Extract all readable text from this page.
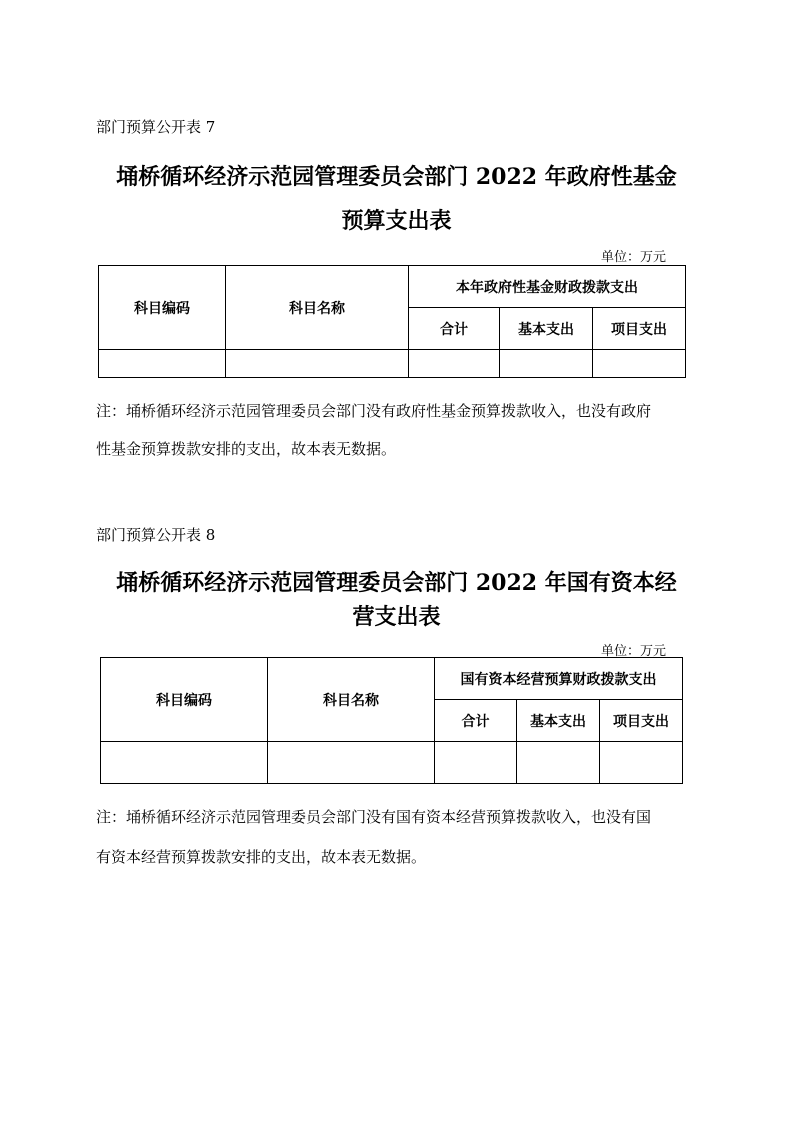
部门预算公开表 7
埇桥循环经济示范园管理委员会部门 2022 年政府性基金
预算支出表
单位：万元
科目编码	科目名称	本年政府性基金财政拨款支出		
		合计	基本支出	项目支出

注：埇桥循环经济示范园管理委员会部门没有政府性基金预算拨款收入，也没有政府
性基金预算拨款安排的支出，故本表无数据。
部门预算公开表 8
埇桥循环经济示范园管理委员会部门 2022 年国有资本经
营支出表
单位：万元
科目编码	科目名称	国有资本经营预算财政拨款支出		
		合计	基本支出	项目支出

注：埇桥循环经济示范园管理委员会部门没有国有资本经营预算拨款收入，也没有国
有资本经营预算拨款安排的支出，故本表无数据。
